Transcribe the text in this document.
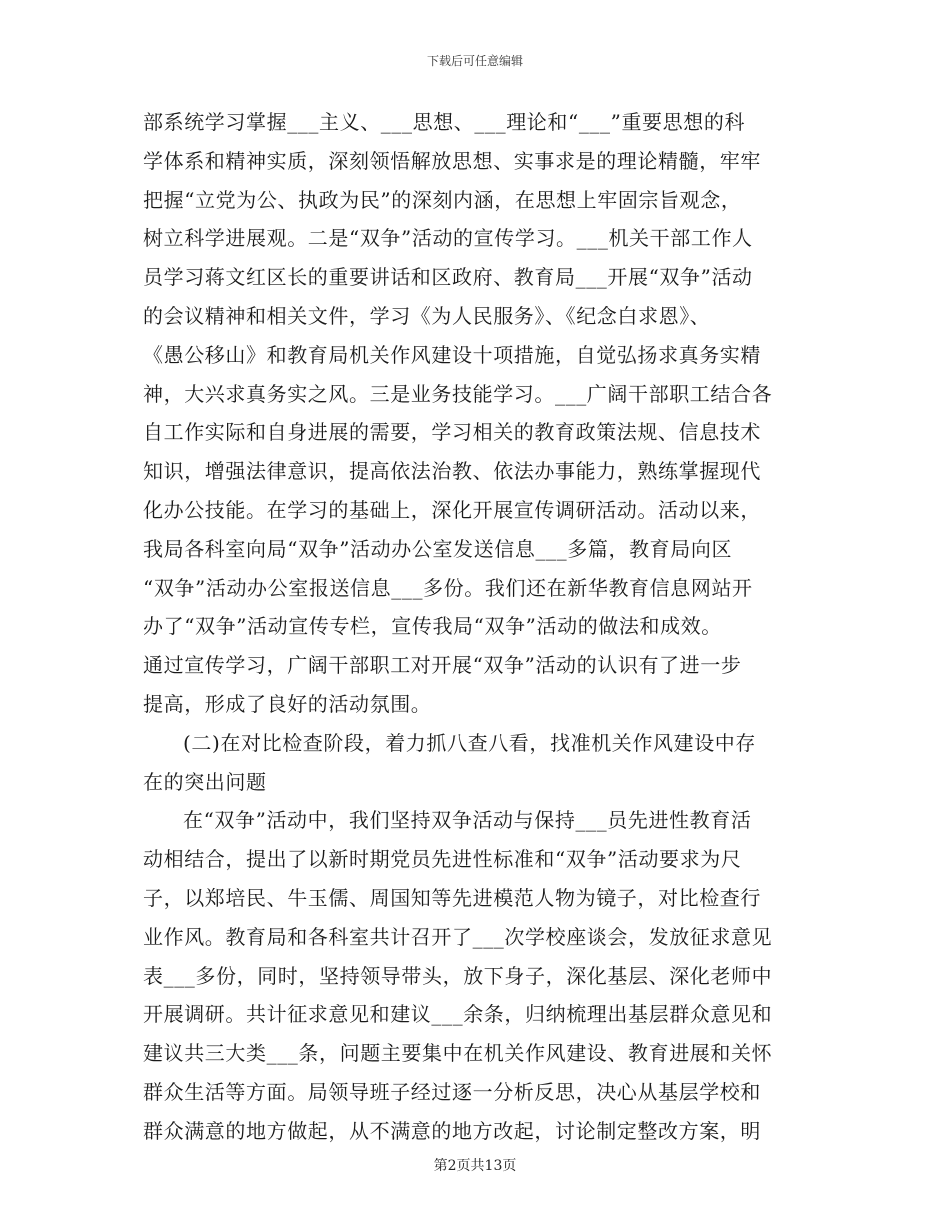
下载后可任意编辑
部系统学习掌握___主义、___思想、___理论和“___”重要思想的科
学体系和精神实质，深刻领悟解放思想、实事求是的理论精髓，牢牢
把握“立党为公、执政为民”的深刻内涵，在思想上牢固宗旨观念，
树立科学进展观。二是“双争”活动的宣传学习。___机关干部工作人
员学习蒋文红区长的重要讲话和区政府、教育局___开展“双争”活动
的会议精神和相关文件，学习《为人民服务》、《纪念白求恩》、
《愚公移山》和教育局机关作风建设十项措施，自觉弘扬求真务实精
神，大兴求真务实之风。三是业务技能学习。___广阔干部职工结合各
自工作实际和自身进展的需要，学习相关的教育政策法规、信息技术
知识，增强法律意识，提高依法治教、依法办事能力，熟练掌握现代
化办公技能。在学习的基础上，深化开展宣传调研活动。活动以来，
我局各科室向局“双争”活动办公室发送信息___多篇，教育局向区
“双争”活动办公室报送信息___多份。我们还在新华教育信息网站开
办了“双争”活动宣传专栏，宣传我局“双争”活动的做法和成效。
通过宣传学习，广阔干部职工对开展“双争”活动的认识有了进一步
提高，形成了良好的活动氛围。
(二)在对比检查阶段，着力抓八查八看，找准机关作风建设中存
在的突出问题
在“双争”活动中，我们坚持双争活动与保持___员先进性教育活
动相结合，提出了以新时期党员先进性标准和“双争”活动要求为尺
子，以郑培民、牛玉儒、周国知等先进模范人物为镜子，对比检查行
业作风。教育局和各科室共计召开了___次学校座谈会，发放征求意见
表___多份，同时，坚持领导带头，放下身子，深化基层、深化老师中
开展调研。共计征求意见和建议___余条，归纳梳理出基层群众意见和
建议共三大类___条，问题主要集中在机关作风建设、教育进展和关怀
群众生活等方面。局领导班子经过逐一分析反思，决心从基层学校和
群众满意的地方做起，从不满意的地方改起，讨论制定整改方案，明
第2页共13页
